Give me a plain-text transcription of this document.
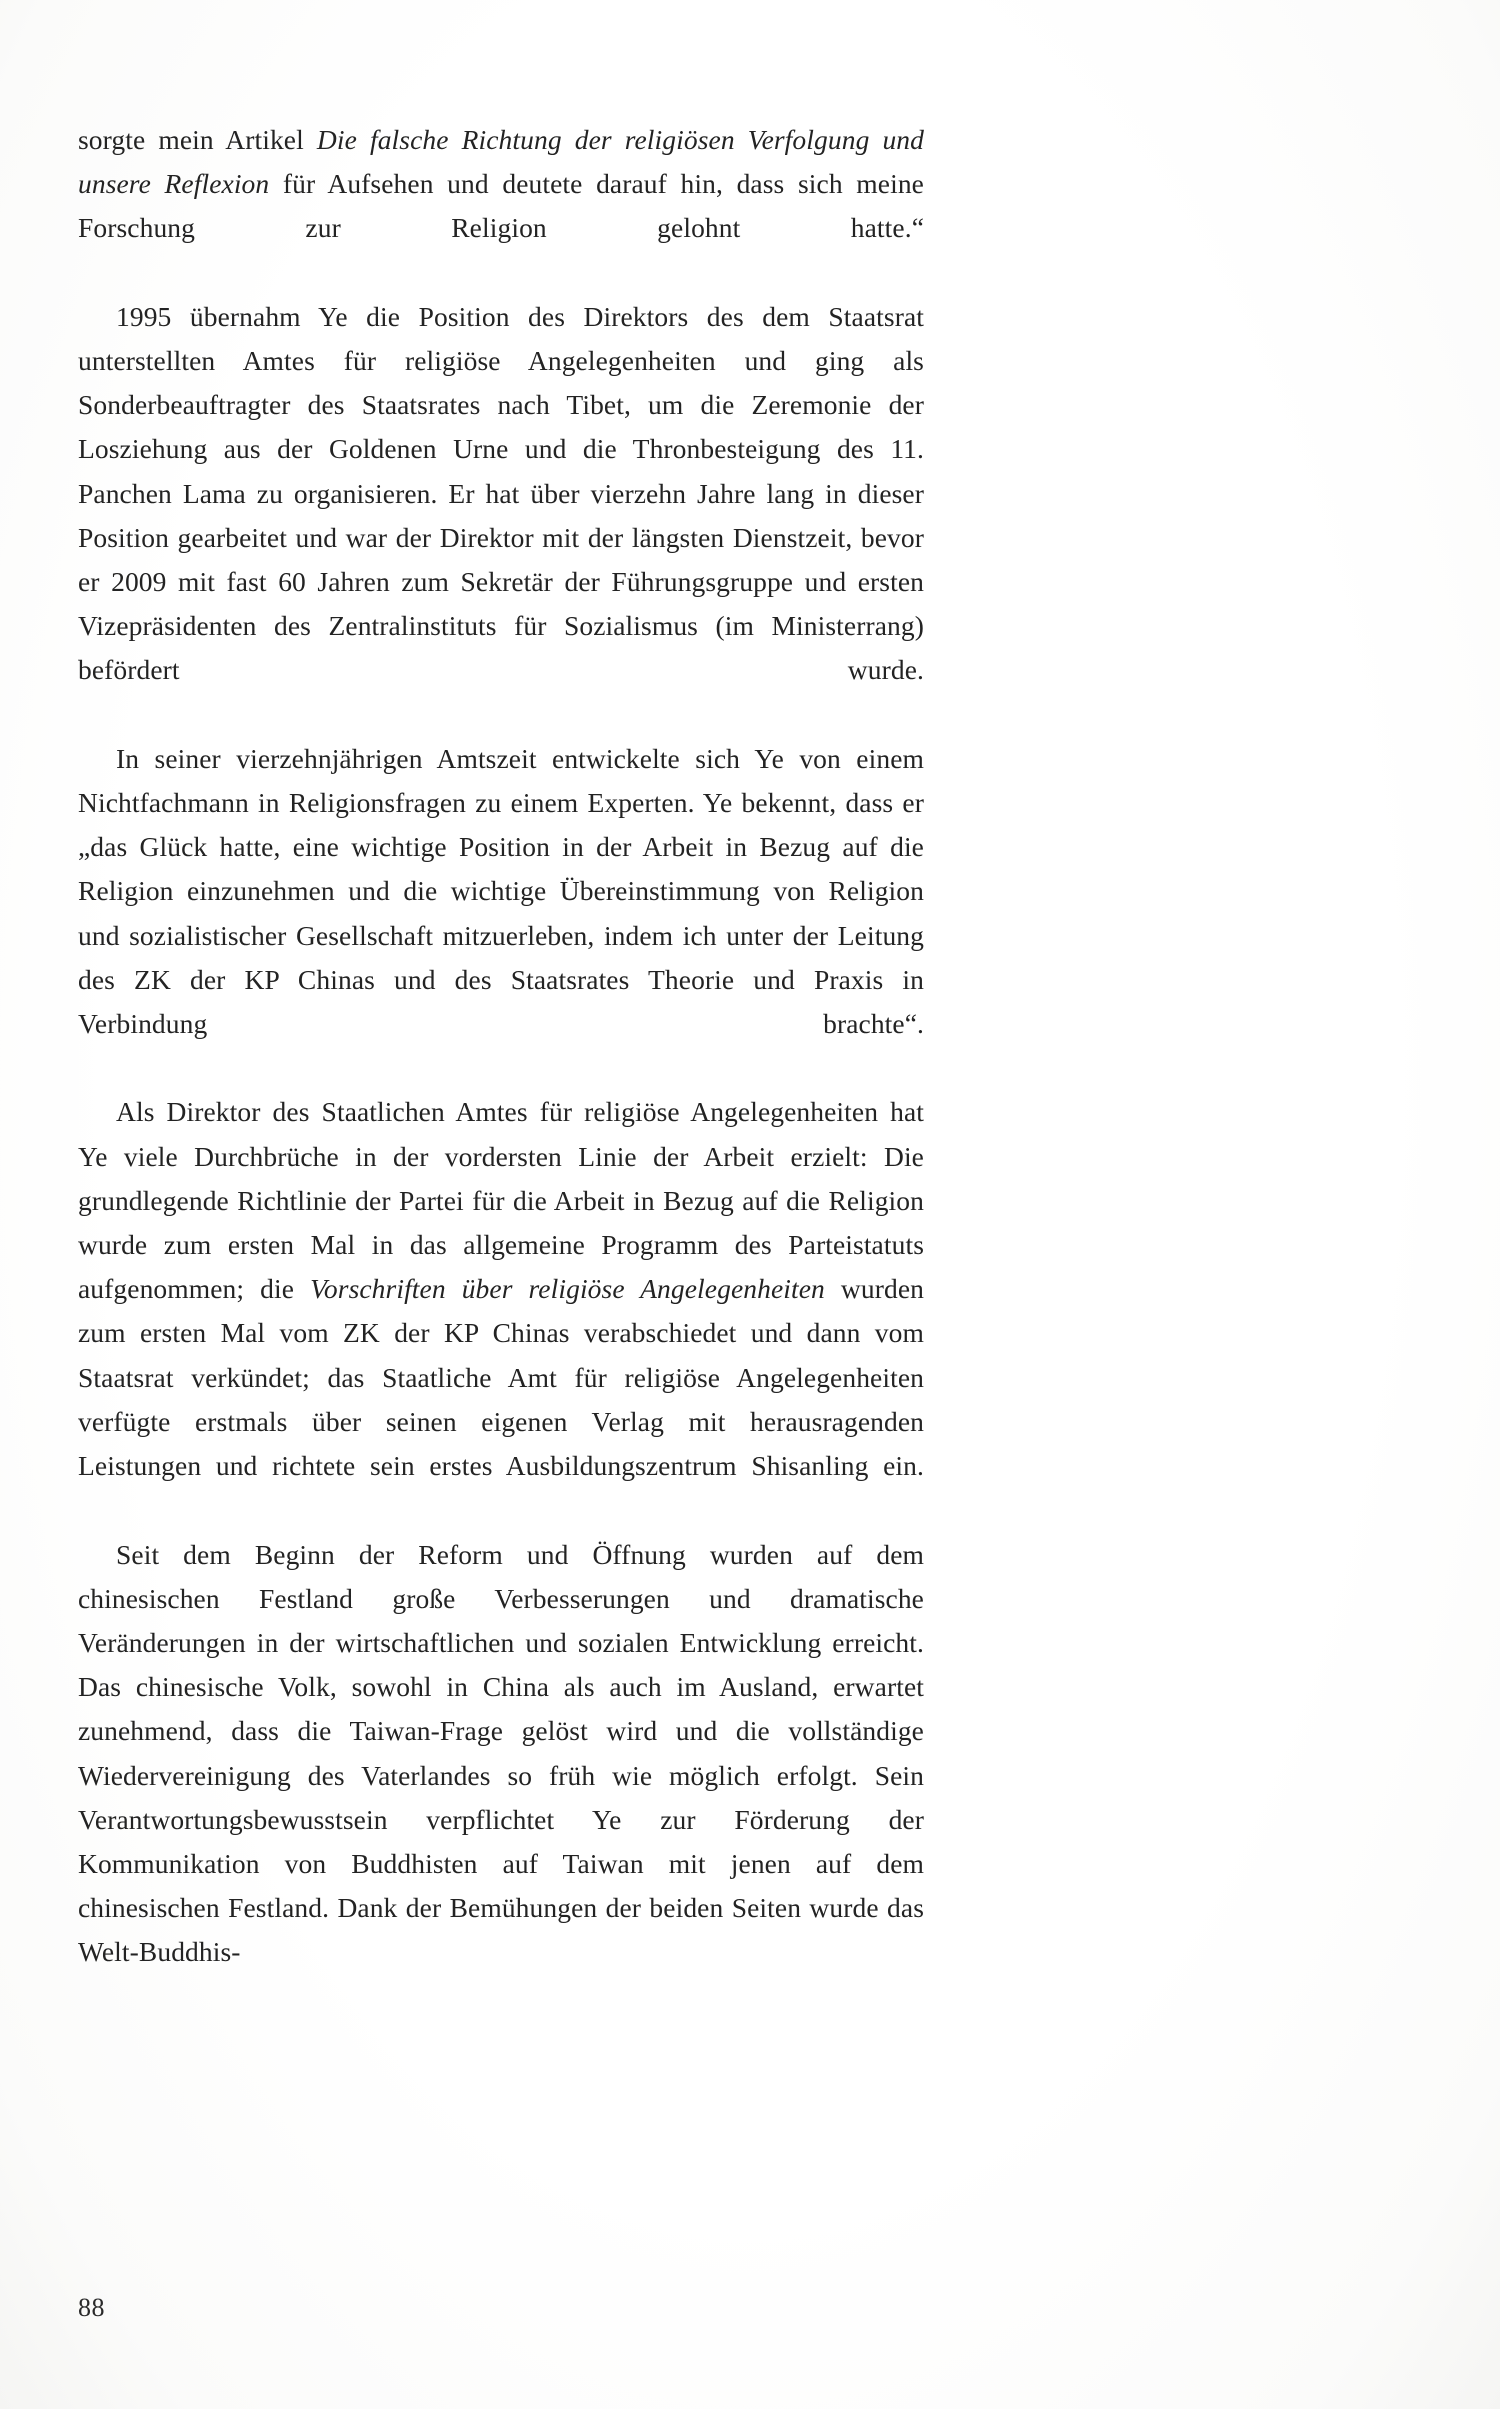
sorgte mein Artikel Die falsche Richtung der religiösen Verfolgung und unsere Reflexion für Aufsehen und deutete darauf hin, dass sich meine Forschung zur Religion gelohnt hatte.“

1995 übernahm Ye die Position des Direktors des dem Staatsrat unterstellten Amtes für religiöse Angelegenheiten und ging als Sonderbeauftragter des Staatsrates nach Tibet, um die Zeremonie der Losziehung aus der Goldenen Urne und die Thronbesteigung des 11. Panchen Lama zu organisieren. Er hat über vierzehn Jahre lang in dieser Position gearbeitet und war der Direktor mit der längsten Dienstzeit, bevor er 2009 mit fast 60 Jahren zum Sekretär der Führungsgruppe und ersten Vizepräsidenten des Zentralinstituts für Sozialismus (im Ministerrang) befördert wurde.

In seiner vierzehnjährigen Amtszeit entwickelte sich Ye von einem Nichtfachmann in Religionsfragen zu einem Experten. Ye bekennt, dass er „das Glück hatte, eine wichtige Position in der Arbeit in Bezug auf die Religion einzunehmen und die wichtige Übereinstimmung von Religion und sozialistischer Gesellschaft mitzuerleben, indem ich unter der Leitung des ZK der KP Chinas und des Staatsrates Theorie und Praxis in Verbindung brachte“.

Als Direktor des Staatlichen Amtes für religiöse Angelegenheiten hat Ye viele Durchbrüche in der vordersten Linie der Arbeit erzielt: Die grundlegende Richtlinie der Partei für die Arbeit in Bezug auf die Religion wurde zum ersten Mal in das allgemeine Programm des Parteistatuts aufgenommen; die Vorschriften über religiöse Angelegenheiten wurden zum ersten Mal vom ZK der KP Chinas verabschiedet und dann vom Staatsrat verkündet; das Staatliche Amt für religiöse Angelegenheiten verfügte erstmals über seinen eigenen Verlag mit herausragenden Leistungen und richtete sein erstes Ausbildungszentrum Shisanling ein.

Seit dem Beginn der Reform und Öffnung wurden auf dem chinesischen Festland große Verbesserungen und dramatische Veränderungen in der wirtschaftlichen und sozialen Entwicklung erreicht. Das chinesische Volk, sowohl in China als auch im Ausland, erwartet zunehmend, dass die Taiwan-Frage gelöst wird und die vollständige Wiedervereinigung des Vaterlandes so früh wie möglich erfolgt. Sein Verantwortungsbewusstsein verpflichtet Ye zur Förderung der Kommunikation von Buddhisten auf Taiwan mit jenen auf dem chinesischen Festland. Dank der Bemühungen der beiden Seiten wurde das Welt-Buddhis-

88
